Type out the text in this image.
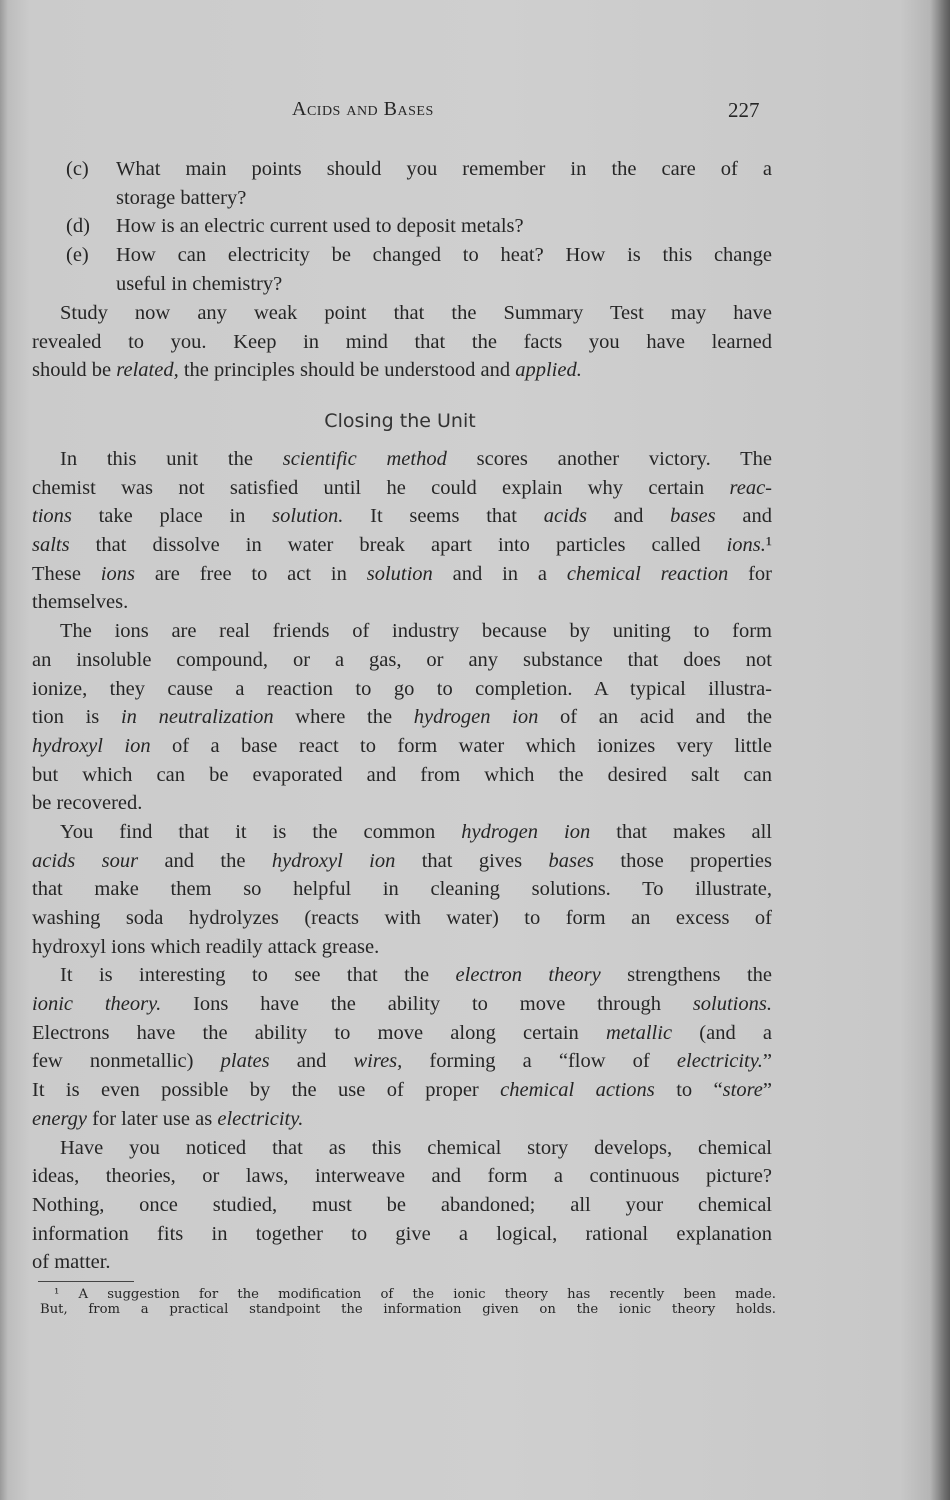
Acids and Bases	227
(c) What main points should you remember in the care of a
storage battery?
(d) How is an electric current used to deposit metals?
(e) How can electricity be changed to heat? How is this change
useful in chemistry?
Study now any weak point that the Summary Test may have
revealed to you. Keep in mind that the facts you have learned
should be related, the principles should be understood and applied.
Closing the Unit
In this unit the scientific method scores another victory. The
chemist was not satisfied until he could explain why certain reac-
tions take place in solution. It seems that acids and bases and
salts that dissolve in water break apart into particles called ions.¹
These ions are free to act in solution and in a chemical reaction for
themselves.
The ions are real friends of industry because by uniting to form
an insoluble compound, or a gas, or any substance that does not
ionize, they cause a reaction to go to completion. A typical illustra-
tion is in neutralization where the hydrogen ion of an acid and the
hydroxyl ion of a base react to form water which ionizes very little
but which can be evaporated and from which the desired salt can
be recovered.
You find that it is the common hydrogen ion that makes all
acids sour and the hydroxyl ion that gives bases those properties
that make them so helpful in cleaning solutions. To illustrate,
washing soda hydrolyzes (reacts with water) to form an excess of
hydroxyl ions which readily attack grease.
It is interesting to see that the electron theory strengthens the
ionic theory. Ions have the ability to move through solutions.
Electrons have the ability to move along certain metallic (and a
few nonmetallic) plates and wires, forming a “flow of electricity.”
It is even possible by the use of proper chemical actions to “store”
energy for later use as electricity.
Have you noticed that as this chemical story develops, chemical
ideas, theories, or laws, interweave and form a continuous picture?
Nothing, once studied, must be abandoned; all your chemical
information fits in together to give a logical, rational explanation
of matter.
¹ A suggestion for the modification of the ionic theory has recently been made.
But, from a practical standpoint the information given on the ionic theory holds.
